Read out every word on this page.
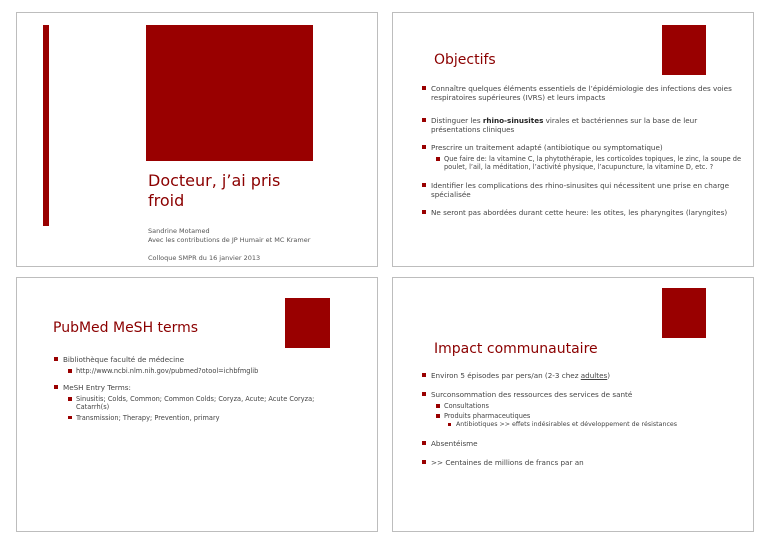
Docteur, j’ai pris froid
Sandrine Motamed
Avec les contributions de JP Humair et MC Kramer
Colloque SMPR du 16 janvier 2013
Objectifs
Connaître quelques éléments essentiels de l’épidémiologie des infections des voies respiratoires supérieures (IVRS) et leurs impacts
Distinguer les rhino-sinusites virales et bactériennes sur la base de leur présentations cliniques
Prescrire un traitement adapté (antibiotique ou symptomatique)
Que faire de: la vitamine C, la phytothérapie, les corticoïdes topiques, le zinc, la soupe de poulet, l’ail, la méditation, l’activité physique, l’acupuncture, la vitamine D, etc. ?
Identifier les complications des rhino-sinusites qui nécessitent une prise en charge spécialisée
Ne seront pas abordées durant cette heure: les otites, les pharyngites (laryngites)
PubMed MeSH terms
Bibliothèque faculté de médecine
http://www.ncbi.nlm.nih.gov/pubmed?otool=ichbfmglib
MeSH Entry Terms:
Sinusitis; Colds, Common; Common Colds; Coryza, Acute; Acute Coryza; Catarrh(s)
Transmission; Therapy; Prevention, primary
Impact communautaire
Environ 5 épisodes par pers/an (2-3 chez adultes)
Surconsommation des ressources des services de santé
Consultations
Produits pharmaceutiques
Antibiotiques >> effets indésirables et développement de résistances
Absentéisme
>> Centaines de millions de francs par an
